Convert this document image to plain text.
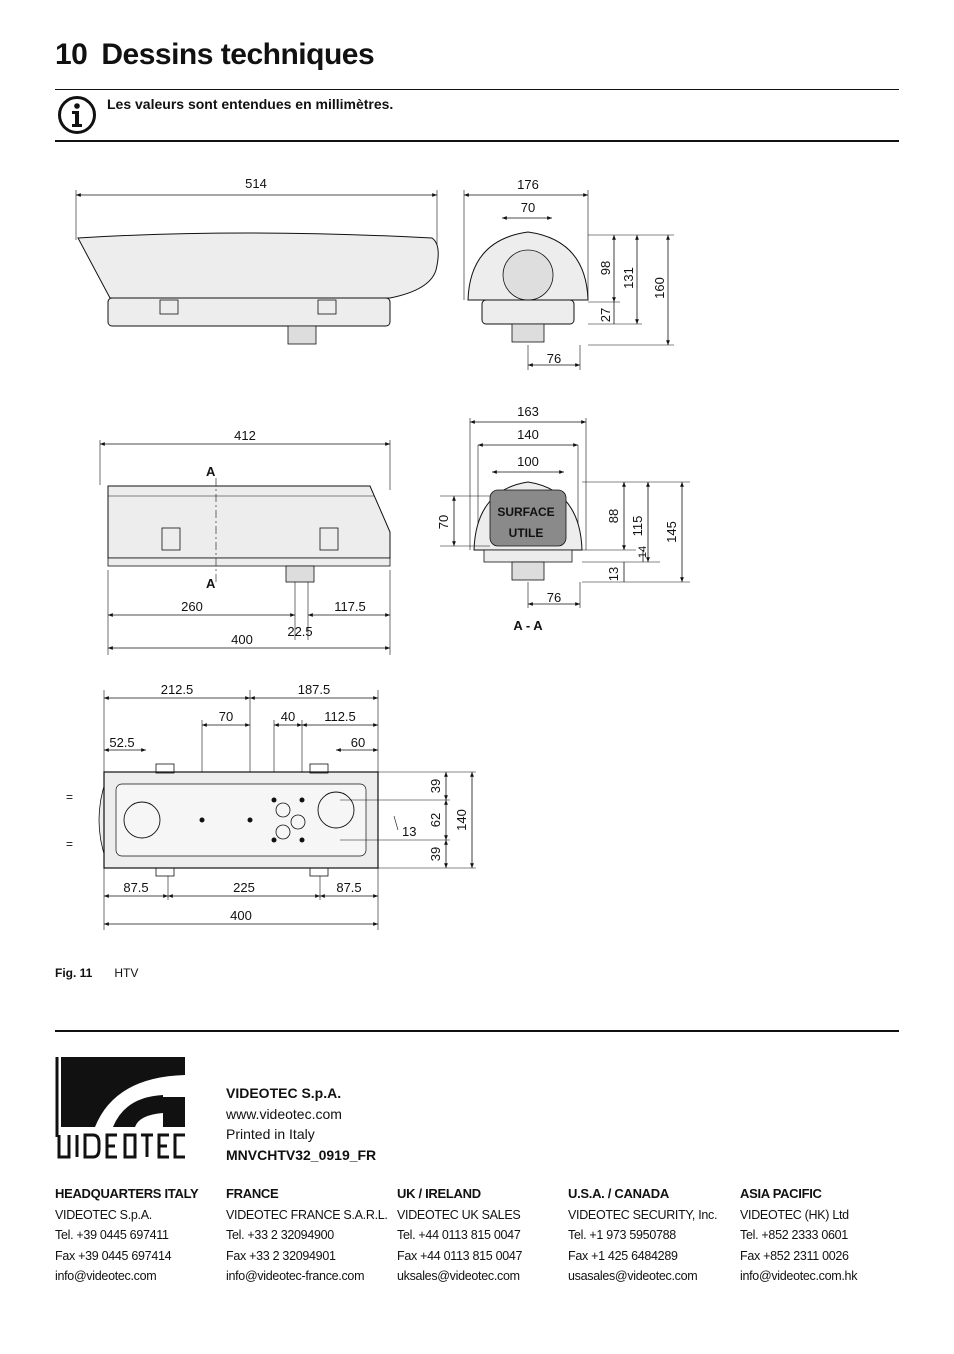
10 Dessins techniques
Les valeurs sont entendues en millimètres.
514	176
70
98 131 160
27
76
412
A
A
260	117.5
22.5
400
163
140
100
SURFACE
UTILE
70	88
13
115
14
145
76
A - A
212.5	187.5
70	40 112.5
52.5	60
=
=
39
62
39
140
13
87.5	225	87.5
400
Fig. 11 HTV
VIDEOTEC S.p.A.
www.videotec.com
Printed in Italy
MNVCHTV32_0919_FR
HEADQUARTERS ITALY
VIDEOTEC S.p.A.
Tel. +39 0445 697411
Fax +39 0445 697414
info@videotec.com
FRANCE
VIDEOTEC FRANCE S.A.R.L.
Tel. +33 2 32094900
Fax +33 2 32094901
info@videotec-france.com
UK / IRELAND
VIDEOTEC UK SALES
Tel. +44 0113 815 0047
Fax +44 0113 815 0047
uksales@videotec.com
U.S.A. / CANADA
VIDEOTEC SECURITY, Inc.
Tel. +1 973 5950788
Fax +1 425 6484289
usasales@videotec.com
ASIA PACIFIC
VIDEOTEC (HK) Ltd
Tel. +852 2333 0601
Fax +852 2311 0026
info@videotec.com.hk
